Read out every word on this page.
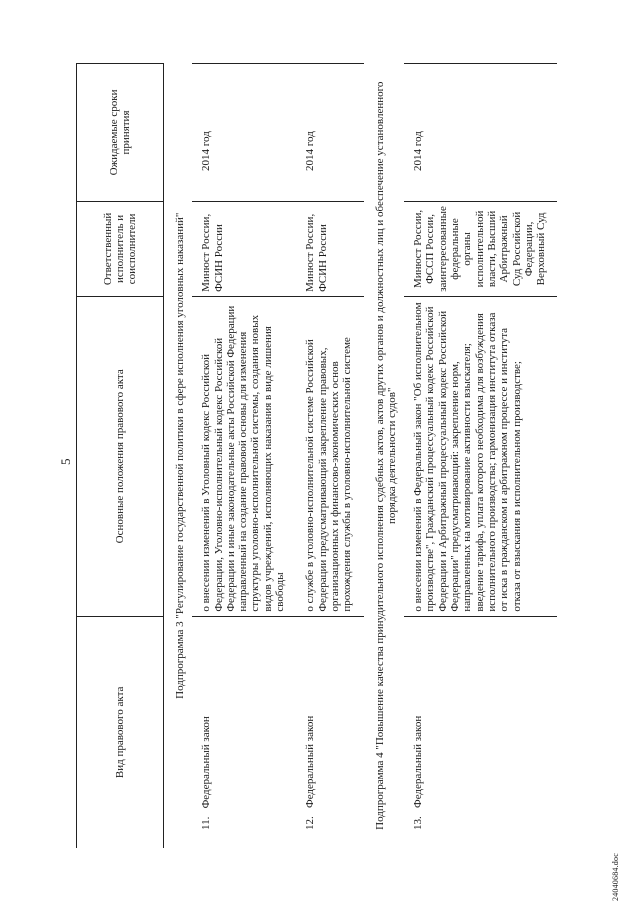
5
Вид правового акта	Основные положения правового акта	Ответственный исполнитель и соисполнители	Ожидаемые сроки принятия
Подпрограмма 3 "Регулирование государственной политики в сфере исполнения уголовных наказаний"			
11.   Федеральный закон	о внесении изменений в Уголовный кодекс Российской Федерации, Уголовно-исполнительный кодекс Российской Федерации и иные законодательные акты Российской Федерации направленный на создание правовой основы для изменения структуры уголовно-исполнительной системы, создания новых видов учреждений, исполняющих наказания в виде лишения свободы	Минюст России, ФСИН России	2014 год
12.   Федеральный закон	о службе в уголовно-исполнительной системе Российской Федерации предусматривающий закрепление правовых, организационных и финансово-экономических основ прохождения службы в уголовно-исполнительной системе	Минюст России, ФСИН России	2014 год
Подпрограмма 4 "Повышение качества принудительного исполнения судебных актов, актов других органов и должностных лиц и обеспечение установленного порядка деятельности судов"			
13.   Федеральный закон	о внесении изменений в Федеральный закон "Об исполнительном производстве", Гражданский процессуальный кодекс Российской Федерации и Арбитражный процессуальный кодекс Российской Федерации" предусматривающий: закрепление норм, направленных на мотивирование активности взыскателя; введение тарифа, уплата которого необходима для возбуждения исполнительного производства; гармонизация института отказа от иска в гражданском и арбитражном процессе и института отказа от взыскания в исполнительном производстве;	Минюст России, ФССП России, заинтересованные федеральные органы исполнительной власти, Высший Арбитражный Суд Российской Федерации, Верховный Суд	2014 год
24040684.doc
